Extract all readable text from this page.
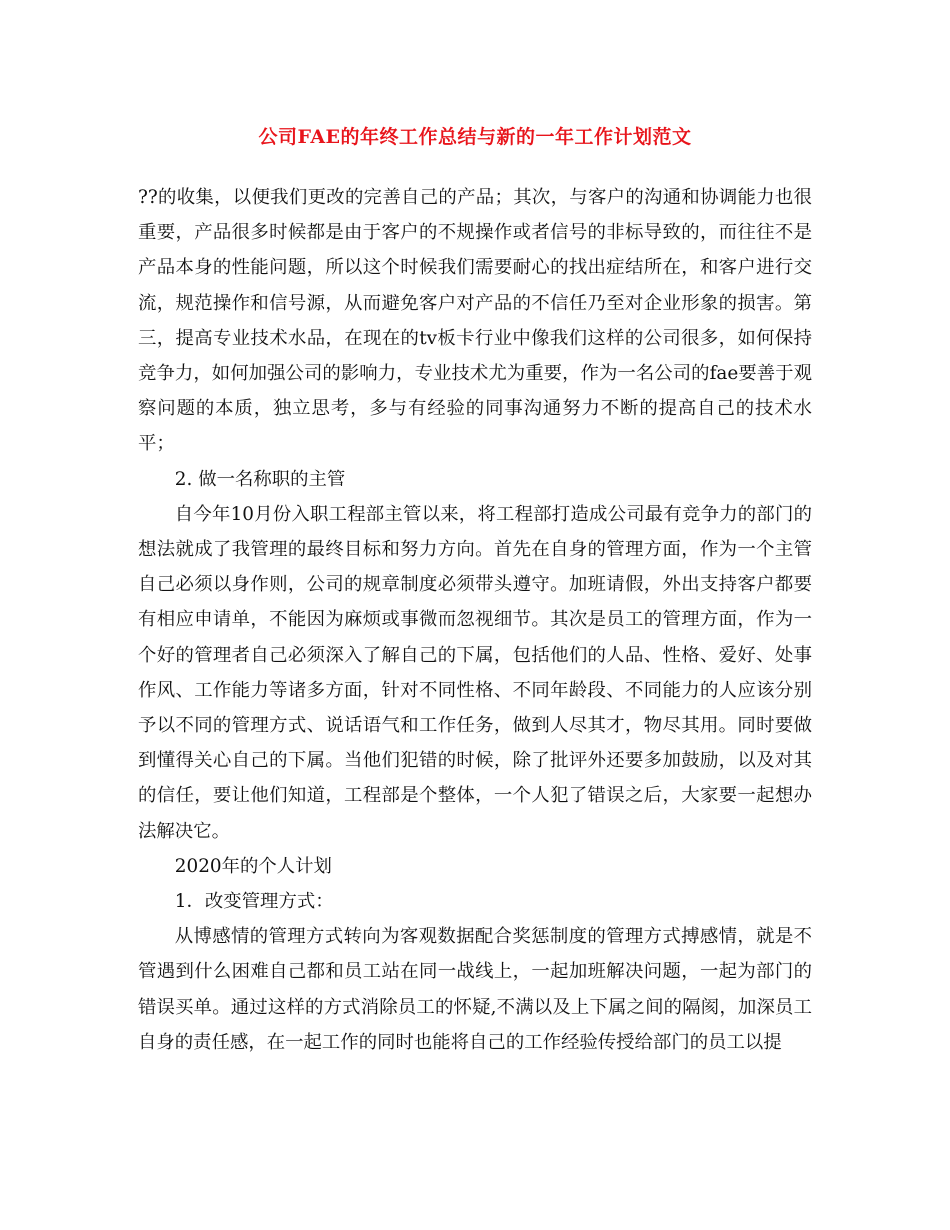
公司FAE的年终工作总结与新的一年工作计划范文

??的收集，以便我们更改的完善自己的产品；其次，与客户的沟通和协调能力也很重要，产品很多时候都是由于客户的不规操作或者信号的非标导致的，而往往不是产品本身的性能问题，所以这个时候我们需要耐心的找出症结所在，和客户进行交流，规范操作和信号源，从而避免客户对产品的不信任乃至对企业形象的损害。第三，提高专业技术水品，在现在的tv板卡行业中像我们这样的公司很多，如何保持竞争力，如何加强公司的影响力，专业技术尤为重要，作为一名公司的fae要善于观察问题的本质，独立思考，多与有经验的同事沟通努力不断的提高自己的技术水平；

2. 做一名称职的主管

自今年10月份入职工程部主管以来，将工程部打造成公司最有竞争力的部门的想法就成了我管理的最终目标和努力方向。首先在自身的管理方面，作为一个主管自己必须以身作则，公司的规章制度必须带头遵守。加班请假，外出支持客户都要有相应申请单，不能因为麻烦或事微而忽视细节。其次是员工的管理方面，作为一个好的管理者自己必须深入了解自己的下属，包括他们的人品、性格、爱好、处事作风、工作能力等诸多方面，针对不同性格、不同年龄段、不同能力的人应该分别予以不同的管理方式、说话语气和工作任务，做到人尽其才，物尽其用。同时要做到懂得关心自己的下属。当他们犯错的时候，除了批评外还要多加鼓励，以及对其的信任，要让他们知道，工程部是个整体，一个人犯了错误之后，大家要一起想办法解决它。

2020年的个人计划

1．改变管理方式：

从博感情的管理方式转向为客观数据配合奖惩制度的管理方式搏感情，就是不管遇到什么困难自己都和员工站在同一战线上，一起加班解决问题，一起为部门的错误买单。通过这样的方式消除员工的怀疑,不满以及上下属之间的隔阂，加深员工自身的责任感，在一起工作的同时也能将自己的工作经验传授给部门的员工以提
